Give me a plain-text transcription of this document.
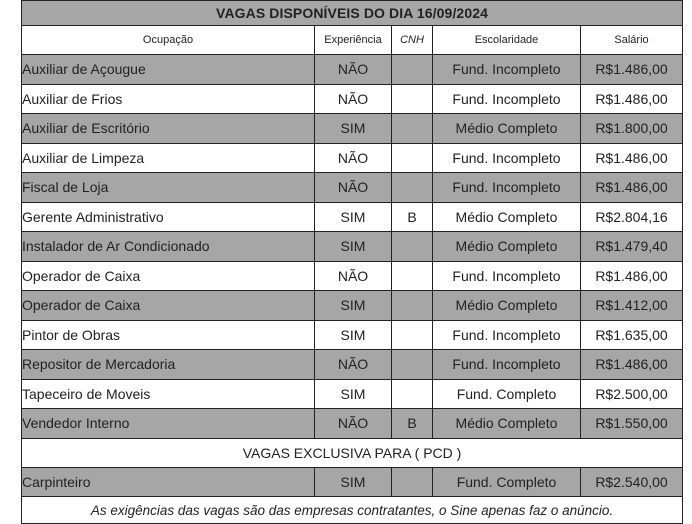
VAGAS DISPONÍVEIS DO DIA 16/09/2024				
Ocupação	Experiência	CNH	Escolaridade	Salário
Auxiliar de Açougue	NÃO		Fund. Incompleto	R$1.486,00
Auxiliar de Frios	NÃO		Fund. Incompleto	R$1.486,00
Auxiliar de Escritório	SIM		Médio Completo	R$1.800,00
Auxiliar de Limpeza	NÃO		Fund. Incompleto	R$1.486,00
Fiscal de Loja	NÃO		Fund. Incompleto	R$1.486,00
Gerente Administrativo	SIM	B	Médio Completo	R$2.804,16
Instalador de Ar Condicionado	SIM		Médio Completo	R$1.479,40
Operador de Caixa	NÃO		Fund. Incompleto	R$1.486,00
Operador de Caixa	SIM		Médio Completo	R$1.412,00
Pintor de Obras	SIM		Fund. Incompleto	R$1.635,00
Repositor de Mercadoria	NÃO		Fund. Incompleto	R$1.486,00
Tapeceiro de Moveis	SIM		Fund. Completo	R$2.500,00
Vendedor Interno	NÃO	B	Médio Completo	R$1.550,00
VAGAS EXCLUSIVA PARA ( PCD )				
Carpinteiro	SIM		Fund. Completo	R$2.540,00
As exigências das vagas são das empresas contratantes, o Sine apenas faz o anúncio.				
